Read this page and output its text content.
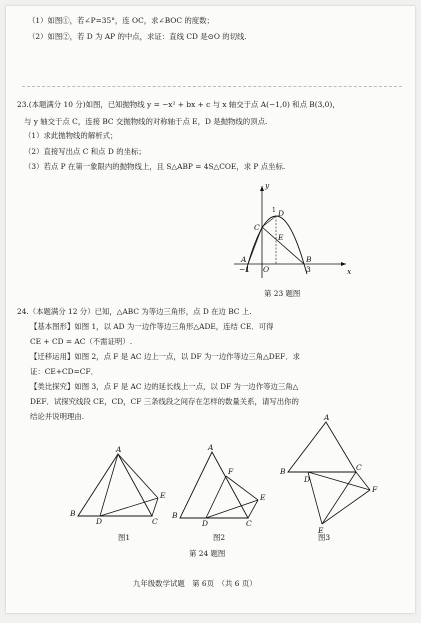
（1）如图①，若∠P=35°，连 OC，求∠BOC 的度数；
（2）如图②，若 D 为 AP 的中点，求证：直线 CD 是⊙O 的切线.
23.(本题满分 10 分)如图，已知抛物线 y = −x² + bx + c 与 x 轴交于点 A(−1,0) 和点 B(3,0)，
与 y 轴交于点 C，连接 BC 交抛物线的对称轴于点 E，D 是抛物线的顶点.
（1）求此抛物线的解析式；
（2）直接写出点 C 和点 D 的坐标；
（3）若点 P 在第一象限内的抛物线上，且 S△ABP = 4S△COE，求 P 点坐标.
y
x
D
1
C
E
A	B
−1 O	3
第 23 题图
24.（本题满分 12 分）已知，△ABC 为等边三角形，点 D 在边 BC 上.
【基本图形】如图 1，以 AD 为一边作等边三角形△ADE，连结 CE．可得
CE + CD = AC（不需证明）.
【迁移运用】如图 2，点 F 是 AC 边上一点，以 DF 为一边作等边三角△DEF．求
证：CE+CD=CF．
【类比探究】如图 3，点 F 是 AC 边的延长线上一点，以 DF 为一边作等边三角△
DEF．试探究线段 CE，CD，CF 三条线段之间存在怎样的数量关系，请写出你的
结论并说明理由.
A
B
D	C
E
图1
A
F
B
D	C
E
图2
A
B
D
C
F
E
图3
第 24 题图
九年级数学试题　第 6页　（共 6 页）
